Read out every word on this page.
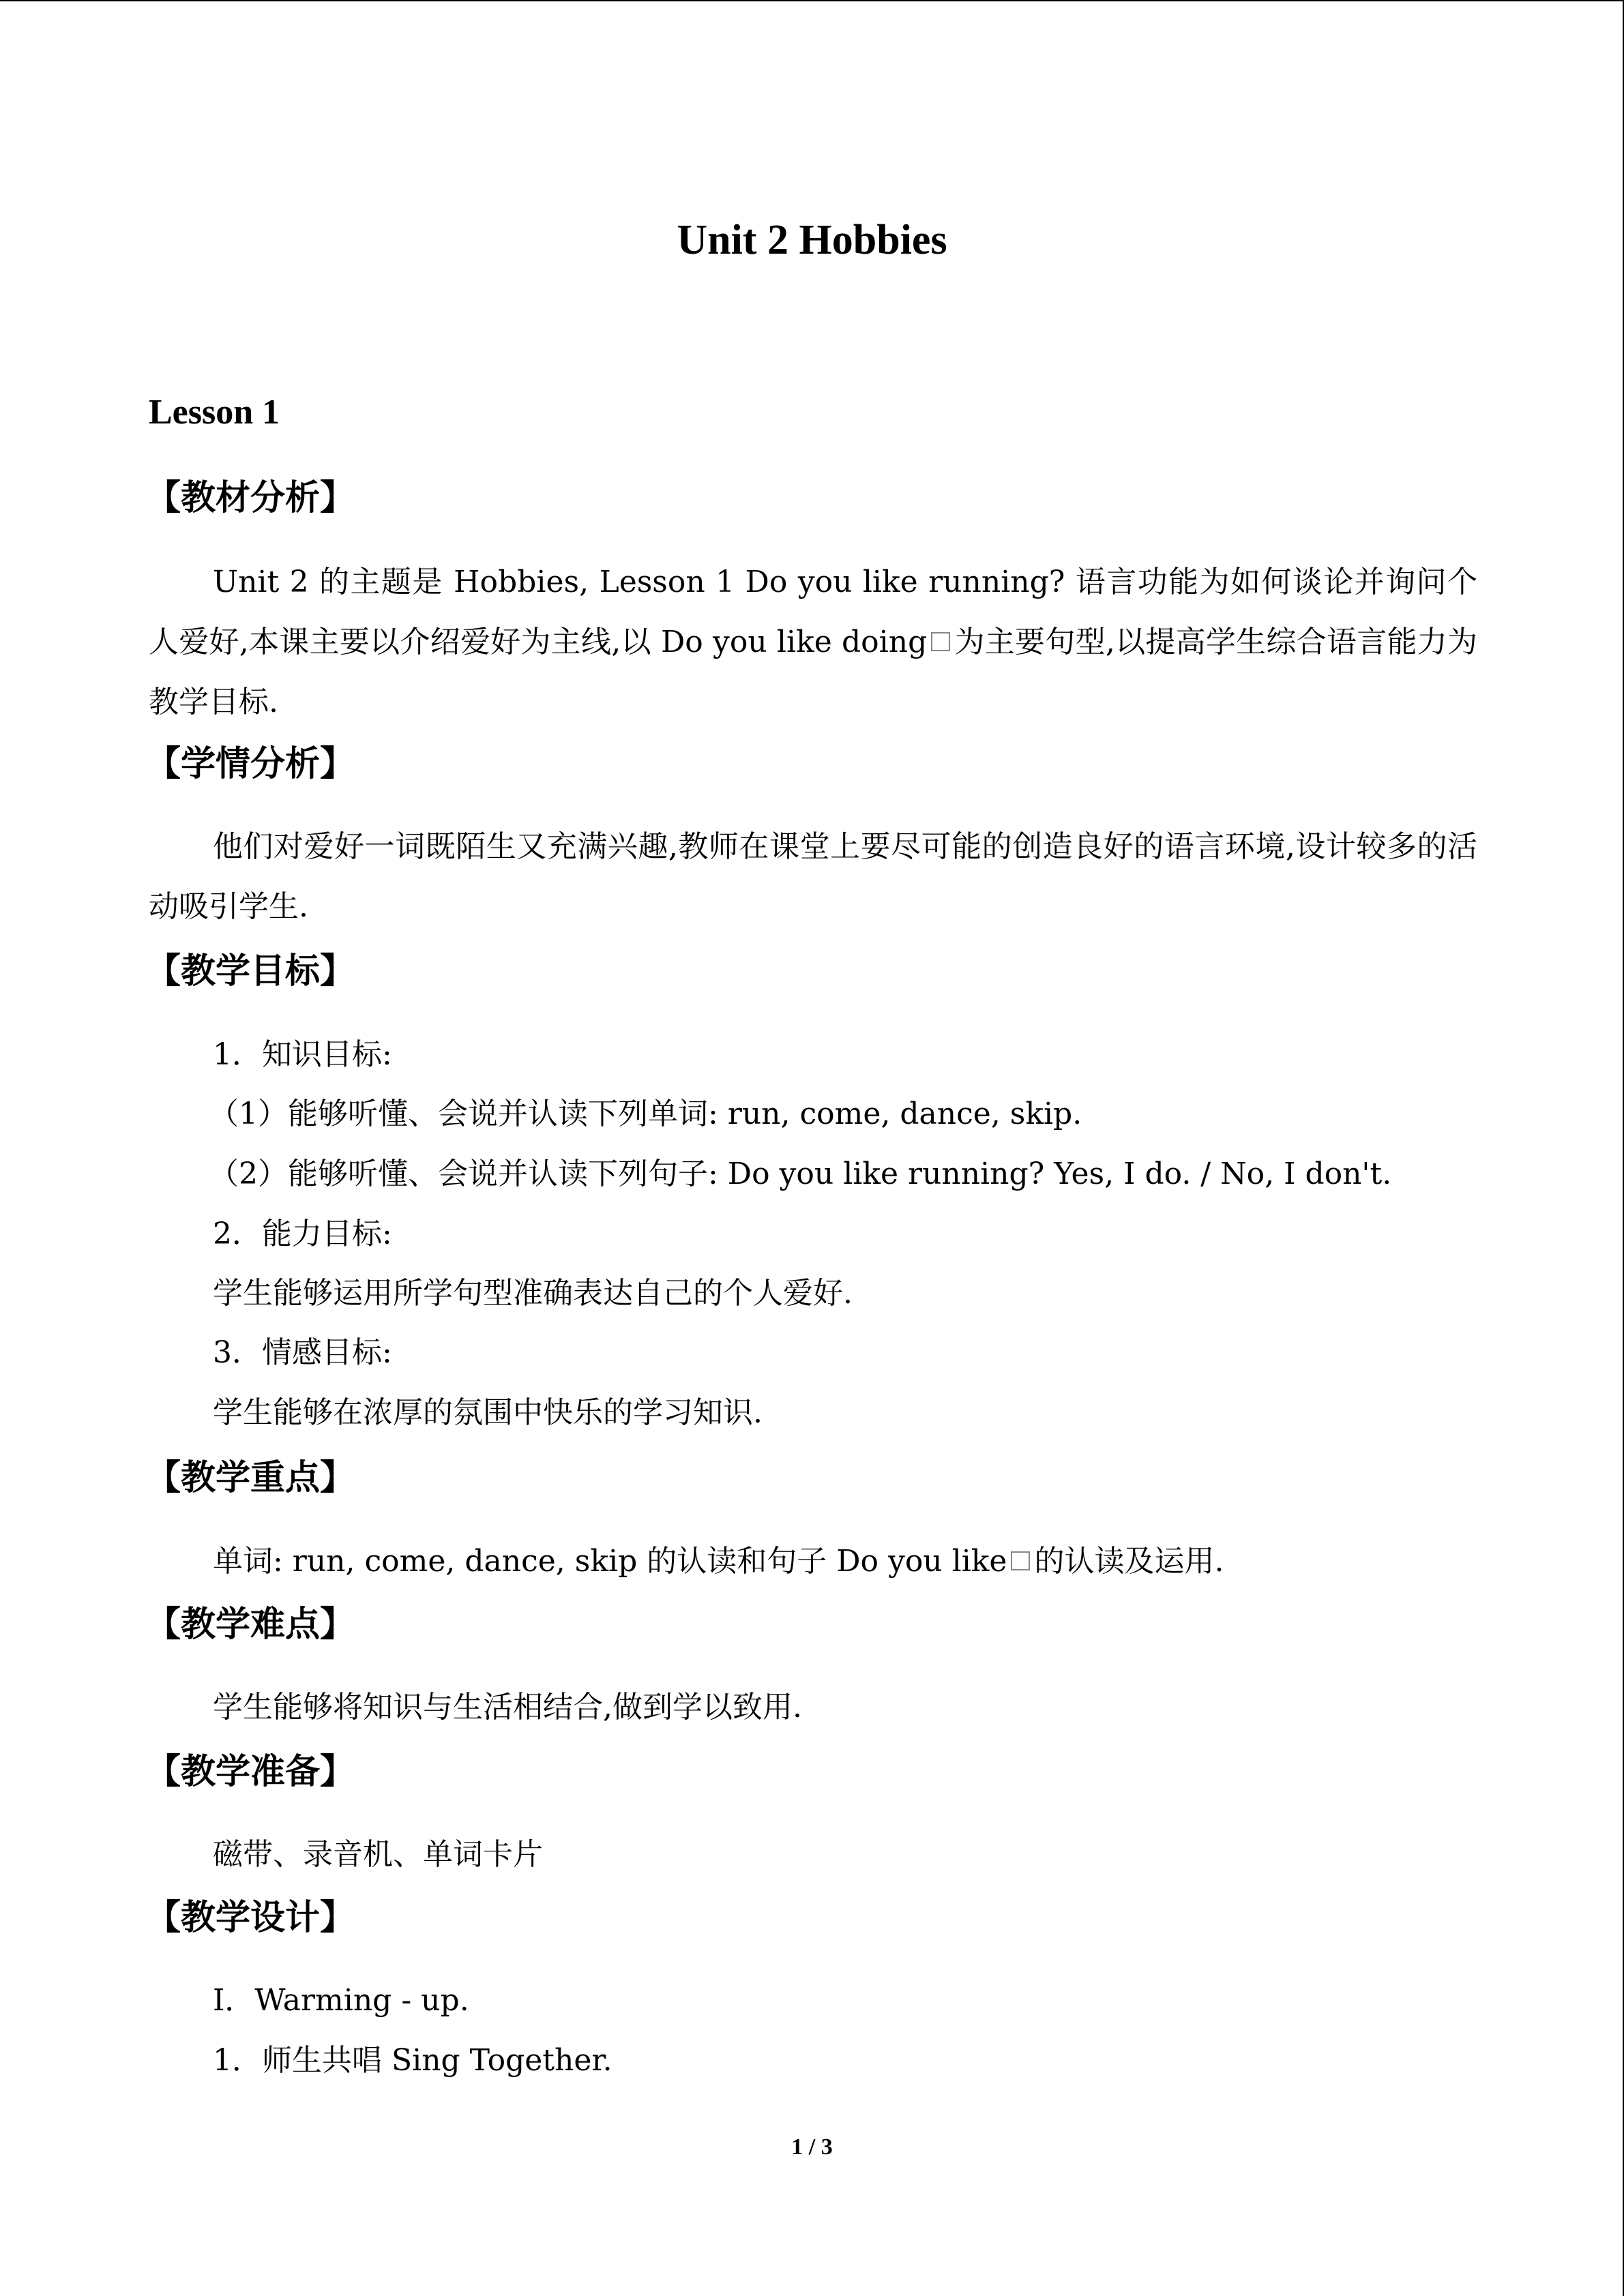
Unit 2 Hobbies
Lesson 1
【教材分析】

Unit 2 的主题是 Hobbies, Lesson 1 Do you like running? 语言功能为如何谈论并询问个人爱好,本课主要以介绍爱好为主线,以 Do you like doing 为主要句型,以提高学生综合语言能力为教学目标.

【学情分析】

他们对爱好一词既陌生又充满兴趣,教师在课堂上要尽可能的创造良好的语言环境,设计较多的活动吸引学生.

【教学目标】

1．知识目标:

（1）能够听懂、会说并认读下列单词: run, come, dance, skip.

（2）能够听懂、会说并认读下列句子: Do you like running? Yes, I do. / No, I don't.

2．能力目标:

学生能够运用所学句型准确表达自己的个人爱好.

3．情感目标:

学生能够在浓厚的氛围中快乐的学习知识.

【教学重点】

单词: run, come, dance, skip 的认读和句子 Do you like 的认读及运用.

【教学难点】

学生能够将知识与生活相结合,做到学以致用.

【教学准备】

磁带、录音机、单词卡片

【教学设计】

Ⅰ．Warming - up.

1．师生共唱 Sing Together.

1 / 3
